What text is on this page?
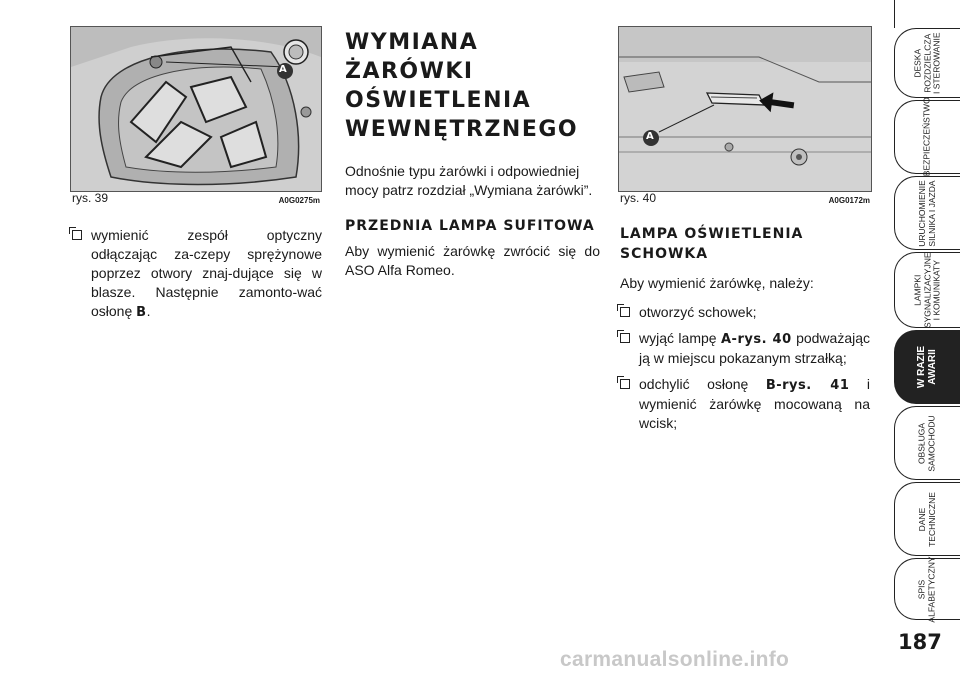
A
rys. 39	A0G0275m
wymienić zespół optyczny odłączając za-czepy sprężynowe poprzez otwory znaj-dujące się w blasze. Następnie zamonto-wać osłonę B.
WYMIANA ŻARÓWKI
OŚWIETLENIA
WEWNĘTRZNEGO
Odnośnie typu żarówki i odpowiedniej mocy patrz rozdział „Wymiana żarówki”.
PRZEDNIA LAMPA SUFITOWA
Aby wymienić żarówkę zwrócić się do ASO Alfa Romeo.
A
rys. 40	A0G0172m
LAMPA OŚWIETLENIA
SCHOWKA
Aby wymienić żarówkę, należy:
otworzyć schowek;
wyjąć lampę A-rys. 40 podważając ją w miejscu pokazanym strzałką;
odchylić osłonę B-rys. 41 i wymienić żarówkę mocowaną na wcisk;
DESKA ROZDZIELCZA I STEROWANIE
BEZPIECZEŃSTWO
URUCHOMIENIE SILNIKA I JAZDA
LAMPKI SYGNALIZACYJNE I KOMUNIKATY
W RAZIE AWARII
OBSŁUGA SAMOCHODU
DANE TECHNICZNE
SPIS ALFABETYCZNY
187
carmanualsonline.info
